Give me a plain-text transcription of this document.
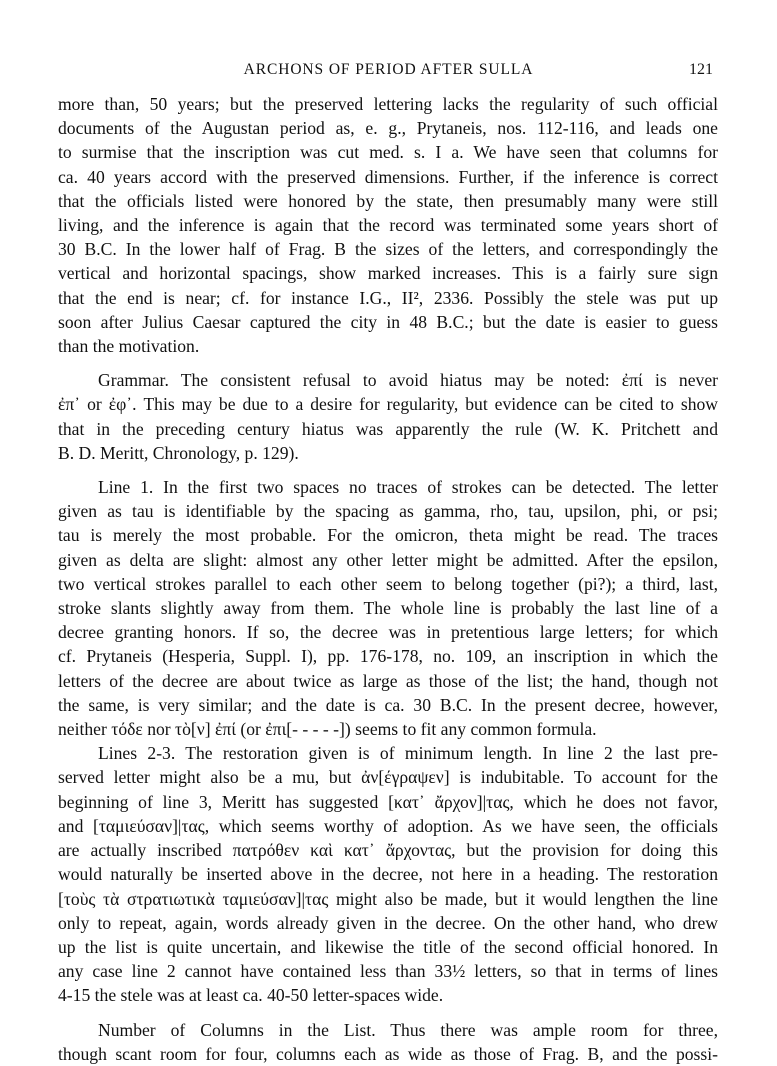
ARCHONS OF PERIOD AFTER SULLA	121
more than, 50 years; but the preserved lettering lacks the regularity of such official
documents of the Augustan period as, e. g., Prytaneis, nos. 112-116, and leads one
to surmise that the inscription was cut med. s. I a. We have seen that columns for
ca. 40 years accord with the preserved dimensions. Further, if the inference is correct
that the officials listed were honored by the state, then presumably many were still
living, and the inference is again that the record was terminated some years short of
30 B.C. In the lower half of Frag. B the sizes of the letters, and correspondingly the
vertical and horizontal spacings, show marked increases. This is a fairly sure sign
that the end is near; cf. for instance I.G., II², 2336. Possibly the stele was put up
soon after Julius Caesar captured the city in 48 B.C.; but the date is easier to guess
than the motivation.
Grammar. The consistent refusal to avoid hiatus may be noted: ἐπί is never
ἐπ᾽ or ἐφ᾽. This may be due to a desire for regularity, but evidence can be cited to show
that in the preceding century hiatus was apparently the rule (W. K. Pritchett and
B. D. Meritt, Chronology, p. 129).
Line 1. In the first two spaces no traces of strokes can be detected. The letter
given as tau is identifiable by the spacing as gamma, rho, tau, upsilon, phi, or psi;
tau is merely the most probable. For the omicron, theta might be read. The traces
given as delta are slight: almost any other letter might be admitted. After the epsilon,
two vertical strokes parallel to each other seem to belong together (pi?); a third, last,
stroke slants slightly away from them. The whole line is probably the last line of a
decree granting honors. If so, the decree was in pretentious large letters; for which
cf. Prytaneis (Hesperia, Suppl. I), pp. 176-178, no. 109, an inscription in which the
letters of the decree are about twice as large as those of the list; the hand, though not
the same, is very similar; and the date is ca. 30 B.C. In the present decree, however,
neither τόδε nor τὸ[ν] ἐπί (or ἐπι[- - - - -]) seems to fit any common formula.
Lines 2-3. The restoration given is of minimum length. In line 2 the last pre-
served letter might also be a mu, but ἀν[έγραψεν] is indubitable. To account for the
beginning of line 3, Meritt has suggested [κατ᾽ ἄρχον]|τας, which he does not favor,
and [ταμιεύσαν]|τας, which seems worthy of adoption. As we have seen, the officials
are actually inscribed πατρόθεν καὶ κατ᾽ ἄρχοντας, but the provision for doing this
would naturally be inserted above in the decree, not here in a heading. The restoration
[τοὺς τὰ στρατιωτικὰ ταμιεύσαν]|τας might also be made, but it would lengthen the line
only to repeat, again, words already given in the decree. On the other hand, who drew
up the list is quite uncertain, and likewise the title of the second official honored. In
any case line 2 cannot have contained less than 33½ letters, so that in terms of lines
4-15 the stele was at least ca. 40-50 letter-spaces wide.
Number of Columns in the List. Thus there was ample room for three,
though scant room for four, columns each as wide as those of Frag. B, and the possi-
